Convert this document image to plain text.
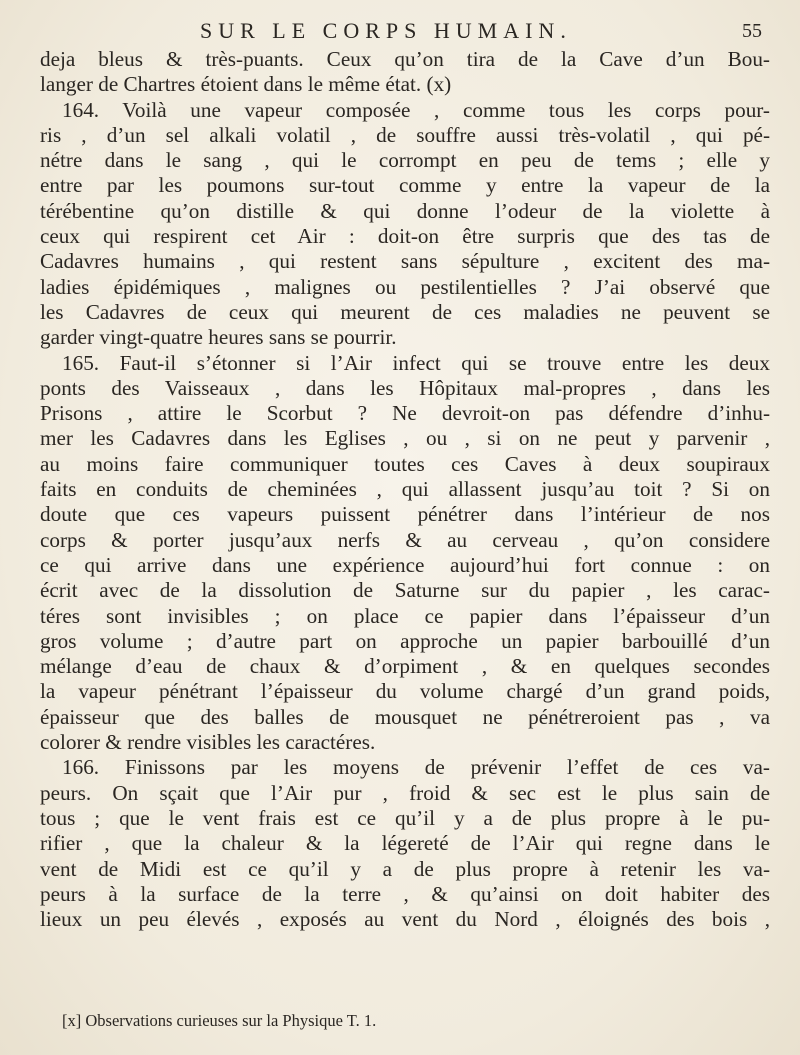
SUR LE CORPS HUMAIN.	55
deja bleus & très-puants. Ceux qu’on tira de la Cave d’un Bou-
langer de Chartres étoient dans le même état. (x)
164. Voilà une vapeur composée , comme tous les corps pour-
ris , d’un sel alkali volatil , de souffre aussi très-volatil , qui pé-
nétre dans le sang , qui le corrompt en peu de tems ; elle y
entre par les poumons sur-tout comme y entre la vapeur de la
térébentine qu’on distille & qui donne l’odeur de la violette à
ceux qui respirent cet Air : doit-on être surpris que des tas de
Cadavres humains , qui restent sans sépulture , excitent des ma-
ladies épidémiques , malignes ou pestilentielles ? J’ai observé que
les Cadavres de ceux qui meurent de ces maladies ne peuvent se
garder vingt-quatre heures sans se pourrir.
165. Faut-il s’étonner si l’Air infect qui se trouve entre les deux
ponts des Vaisseaux , dans les Hôpitaux mal-propres , dans les
Prisons , attire le Scorbut ? Ne devroit-on pas défendre d’inhu-
mer les Cadavres dans les Eglises , ou , si on ne peut y parvenir ,
au moins faire communiquer toutes ces Caves à deux soupiraux
faits en conduits de cheminées , qui allassent jusqu’au toit ? Si on
doute que ces vapeurs puissent pénétrer dans l’intérieur de nos
corps & porter jusqu’aux nerfs & au cerveau , qu’on considere
ce qui arrive dans une expérience aujourd’hui fort connue : on
écrit avec de la dissolution de Saturne sur du papier , les carac-
téres sont invisibles ; on place ce papier dans l’épaisseur d’un
gros volume ; d’autre part on approche un papier barbouillé d’un
mélange d’eau de chaux & d’orpiment , & en quelques secondes
la vapeur pénétrant l’épaisseur du volume chargé d’un grand poids,
épaisseur que des balles de mousquet ne pénétreroient pas , va
colorer & rendre visibles les caractéres.
166. Finissons par les moyens de prévenir l’effet de ces va-
peurs. On sçait que l’Air pur , froid & sec est le plus sain de
tous ; que le vent frais est ce qu’il y a de plus propre à le pu-
rifier , que la chaleur & la légereté de l’Air qui regne dans le
vent de Midi est ce qu’il y a de plus propre à retenir les va-
peurs à la surface de la terre , & qu’ainsi on doit habiter des
lieux un peu élevés , exposés au vent du Nord , éloignés des bois ,
[x] Observations curieuses sur la Physique T. 1.
